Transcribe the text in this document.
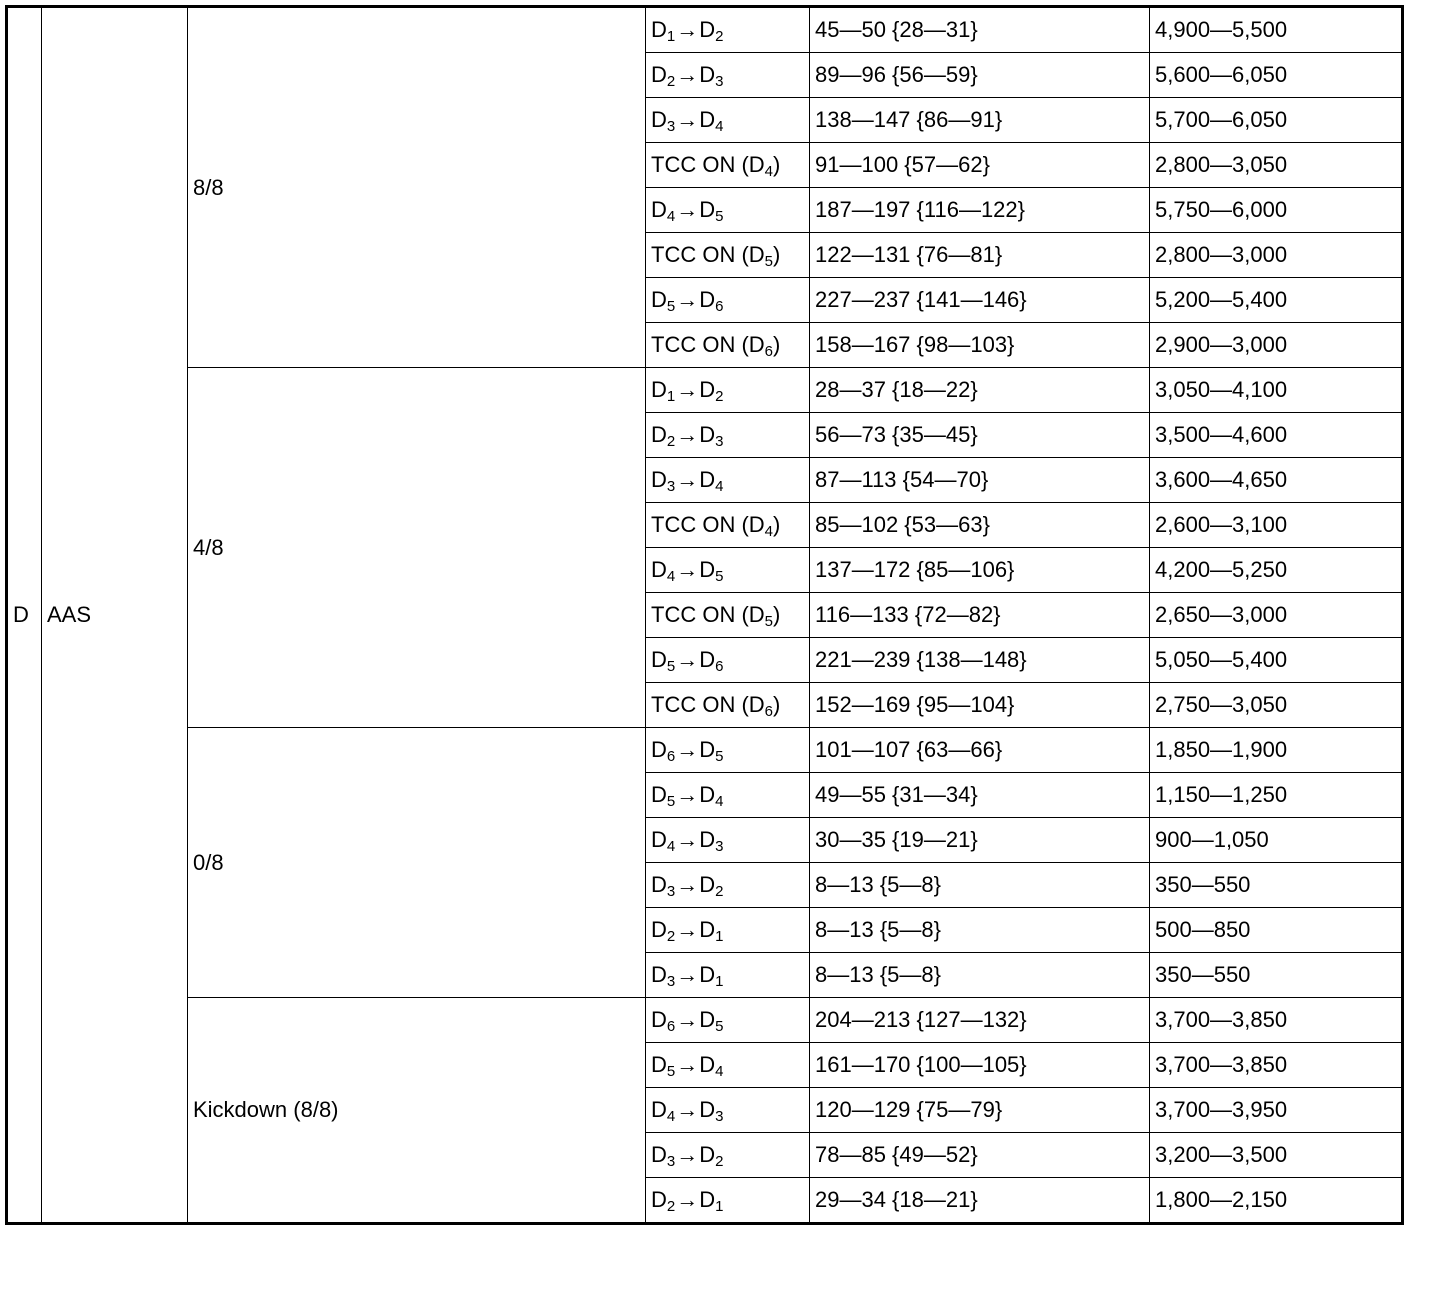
D	AAS	8/8	$D_1\to D_2$	45—50 {28—31}	4,900—5,500
			$D_2\to D_3$	89—96 {56—59}	5,600—6,050
			$D_3\to D_4$	138—147 {86—91}	5,700—6,050
			TCC ON $(D_4)$	91—100 {57—62}	2,800—3,050
			$D_4\to D_5$	187—197 {116—122}	5,750—6,000
			TCC ON $(D_5)$	122—131 {76—81}	2,800—3,000
			$D_5\to D_6$	227—237 {141—146}	5,200—5,400
			TCC ON $(D_6)$	158—167 {98—103}	2,900—3,000
		4/8	$D_1\to D_2$	28—37 {18—22}	3,050—4,100
			$D_2\to D_3$	56—73 {35—45}	3,500—4,600
			$D_3\to D_4$	87—113 {54—70}	3,600—4,650
			TCC ON $(D_4)$	85—102 {53—63}	2,600—3,100
			$D_4\to D_5$	137—172 {85—106}	4,200—5,250
			TCC ON $(D_5)$	116—133 {72—82}	2,650—3,000
			$D_5\to D_6$	221—239 {138—148}	5,050—5,400
			TCC ON $(D_6)$	152—169 {95—104}	2,750—3,050
		0/8	$D_6\to D_5$	101—107 {63—66}	1,850—1,900
			$D_5\to D_4$	49—55 {31—34}	1,150—1,250
			$D_4\to D_3$	30—35 {19—21}	900—1,050
			$D_3\to D_2$	8—13 {5—8}	350—550
			$D_2\to D_1$	8—13 {5—8}	500—850
			$D_3\to D_1$	8—13 {5—8}	350—550
		Kickdown (8/8)	$D_6\to D_5$	204—213 {127—132}	3,700—3,850
			$D_5\to D_4$	161—170 {100—105}	3,700—3,850
			$D_4\to D_3$	120—129 {75—79}	3,700—3,950
			$D_3\to D_2$	78—85 {49—52}	3,200—3,500
			$D_2\to D_1$	29—34 {18—21}	1,800—2,150
